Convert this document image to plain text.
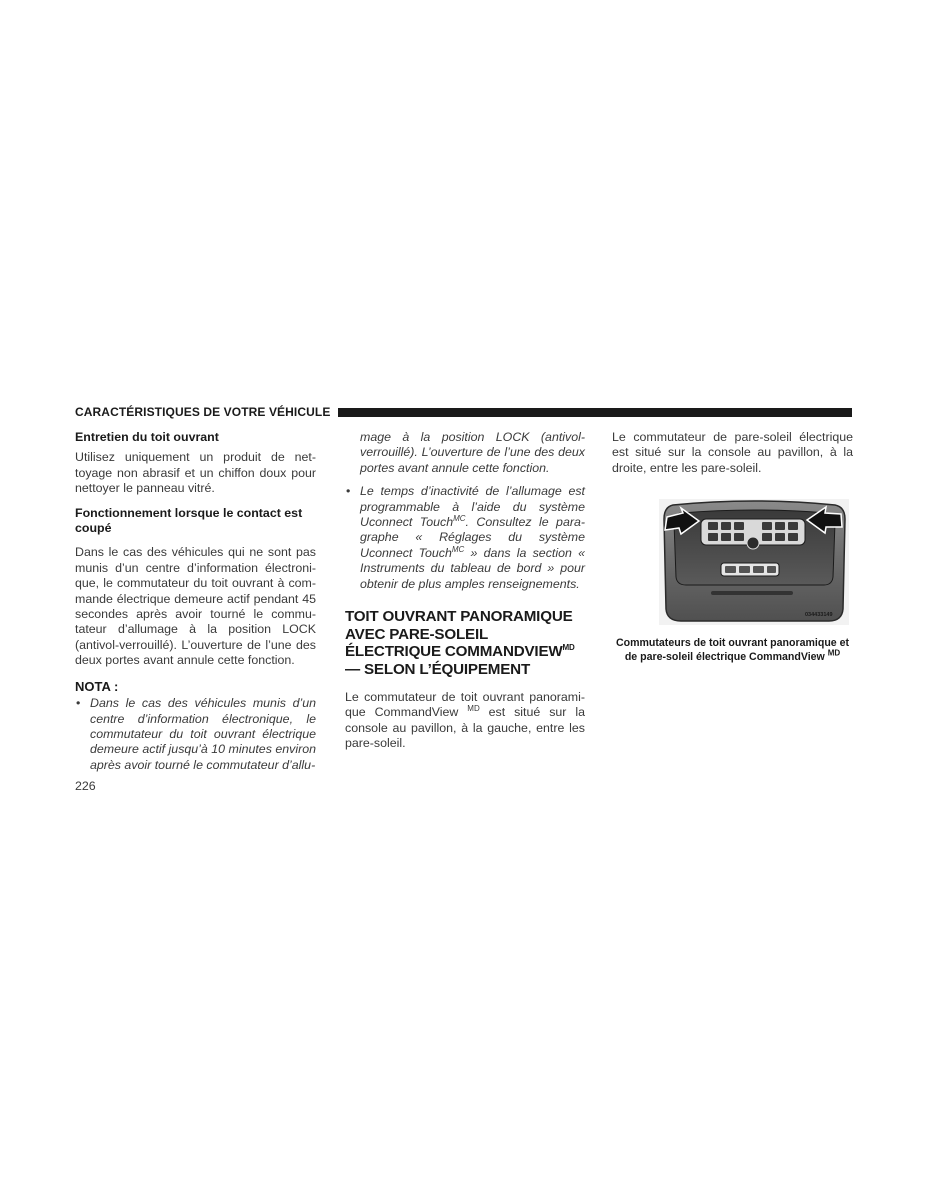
CARACTÉRISTIQUES DE VOTRE VÉHICULE
Entretien du toit ouvrant

Utilisez uniquement un produit de net-toyage non abrasif et un chiffon doux pour nettoyer le panneau vitré.

Fonctionnement lorsque le contact est coupé

Dans le cas des véhicules qui ne sont pas munis d’un centre d’information électroni-que, le commutateur du toit ouvrant à com-mande électrique demeure actif pendant 45 secondes après avoir tourné le commu-tateur d’allumage à la position LOCK (antivol-verrouillé). L’ouverture de l’une des deux portes avant annule cette fonction.

NOTA :
• Dans le cas des véhicules munis d’un centre d’information électronique, le commutateur du toit ouvrant électrique demeure actif jusqu’à 10 minutes environ après avoir tourné le commutateur d’allu-
226
mage à la position LOCK (antivol-verrouillé). L’ouverture de l’une des deux portes avant annule cette fonction.
• Le temps d’inactivité de l’allumage est programmable à l’aide du système Uconnect Touch$^{MC}$. Consultez le para-graphe « Réglages du système Uconnect Touch$^{MC}$ » dans la section « Instruments du tableau de bord » pour obtenir de plus amples renseignements.
TOIT OUVRANT PANORAMIQUE AVEC PARE-SOLEIL ÉLECTRIQUE $COMMANDVIEW^{MD}$ — SELON L’ÉQUIPEMENT

Le commutateur de toit ouvrant panorami-que CommandView $^{MD}$ est situé sur la console au pavillon, à la gauche, entre les pare-soleil.

Le commutateur de pare-soleil électrique est situé sur la console au pavillon, à la droite, entre les pare-soleil.

034433149
Commutateurs de toit ouvrant panoramique et de pare-soleil électrique CommandView $^{MD}$
